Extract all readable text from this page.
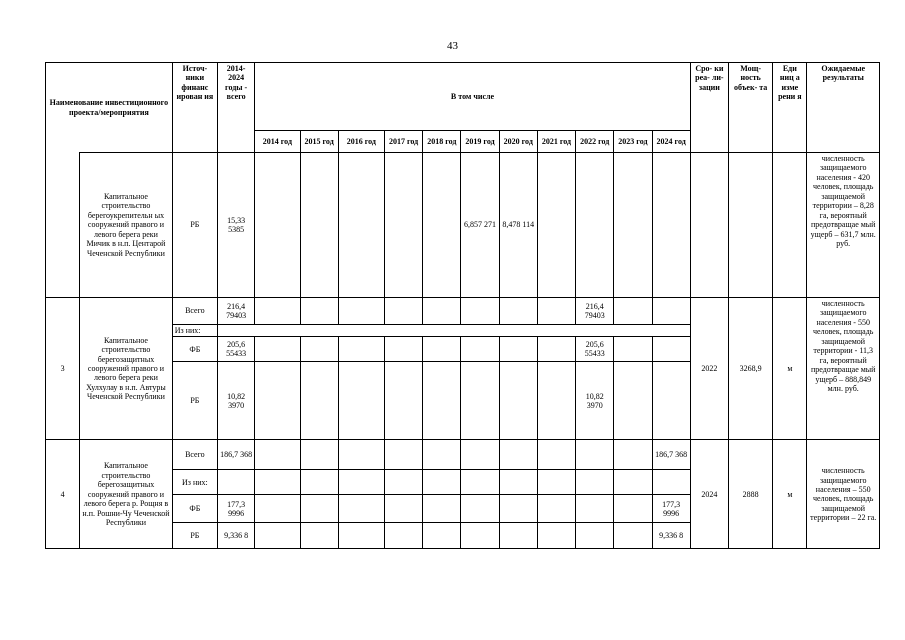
43
Наименование инвестиционного проекта/мероприятия		Источ- ники финанс ирован ия	2014- 2024 годы - всего	В том числе											Сро- ки реа- ли- зации	Мощ- ность объек- та	Еди ниц а изме рени я	Ожидаемые результаты
				2014 год	2015 год	2016 год	2017 год	2018 год	2019 год	2020 год	2021 год	2022 год	2023 год	2024 год				
	Капитальное строительство берегоукрепительн ых сооружений правого и левого берега реки Мичик в н.п. Центарой Чеченской Республики	РБ	15,33 5385						6,857 271	8,478 114								численность защищаемого населения - 420 человек, площадь защищаемой территории – 8,28 га, вероятный предотвращае мый ущерб – 631,7 млн. руб.
3	Капитальное строительство берегозащитных сооружений правого и левого берега реки Хулхулау в н.п. Автуры Чеченской Республики	Всего	216,4 79403									216,4 79403			2022	3268,9	м	численность защищаемого населения - 550 человек, площадь защищаемой территории - 11,3 га, вероятный предотвращае мый ущерб – 888,849 млн. руб.
		Из них:																
		ФБ	205,6 55433									205,6 55433						
		РБ	10,82 3970									10,82 3970						
4	Капитальное строительство берегозащитных сооружений правого и левого берега р. Рощня в н.п. Рошни-Чу Чеченской Республики	Всего	186,7 368											186,7 368	2024	2888	м	численность защищаемого населения – 550 человек, площадь защищаемой территории – 22 га.
		Из них:																
		ФБ	177,3 9996											177,3 9996				
		РБ	9,336 8											9,336 8				
